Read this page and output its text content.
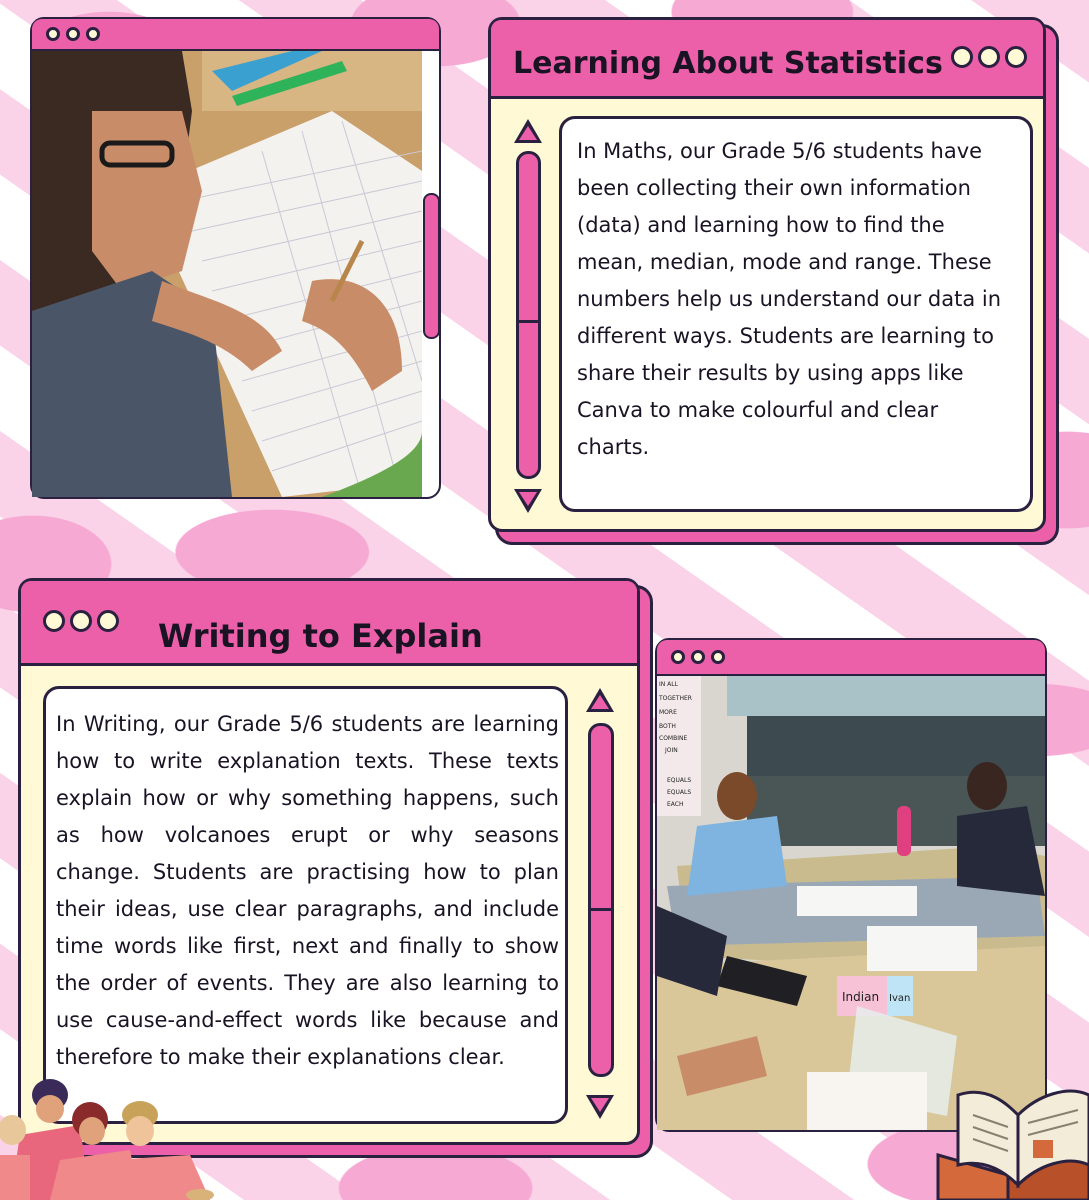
Learning About Statistics
In Maths, our Grade 5/6 students have been collecting their own information (data) and learning how to find the mean, median, mode and range. These numbers help us understand our data in different ways. Students are learning to share their results by using apps like Canva to make colourful and clear charts.
Writing to Explain
In Writing, our Grade 5/6 students are learning how to write explanation texts. These texts explain how or why something happens, such as how volcanoes erupt or why seasons change. Students are practising how to plan their ideas, use clear paragraphs, and include time words like first, next and finally to show the order of events. They are also learning to use cause-and-effect words like because and therefore to make their explanations clear.
IN ALL
TOGETHER
MORE
BOTH
COMBINE
JOIN
EQUALS
EQUALS
EACH
Indian Ivan
